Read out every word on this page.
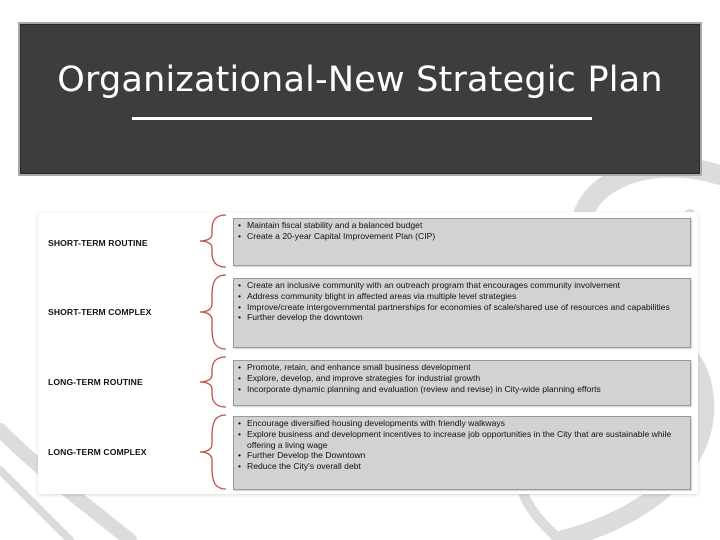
Organizational-New Strategic Plan
SHORT-TERM ROUTINE
• Maintain fiscal stability and a balanced budget
• Create a 20-year Capital Improvement Plan (CIP)
SHORT-TERM COMPLEX
• Create an inclusive community with an outreach program that encourages community involvement
• Address community blight in affected areas via multiple level strategies
• Improve/create intergovernmental partnerships for economies of scale/shared use of resources and capabilities
• Further develop the downtown
LONG-TERM ROUTINE
• Promote, retain, and enhance small business development
• Explore, develop, and improve strategies for industrial growth
• Incorporate dynamic planning and evaluation (review and revise) in City-wide planning efforts
LONG-TERM COMPLEX
• Encourage diversified housing developments with friendly walkways
• Explore business and development incentives to increase job opportunities in the City that are sustainable while offering a living wage
• Further Develop the Downtown
• Reduce the City's overall debt
